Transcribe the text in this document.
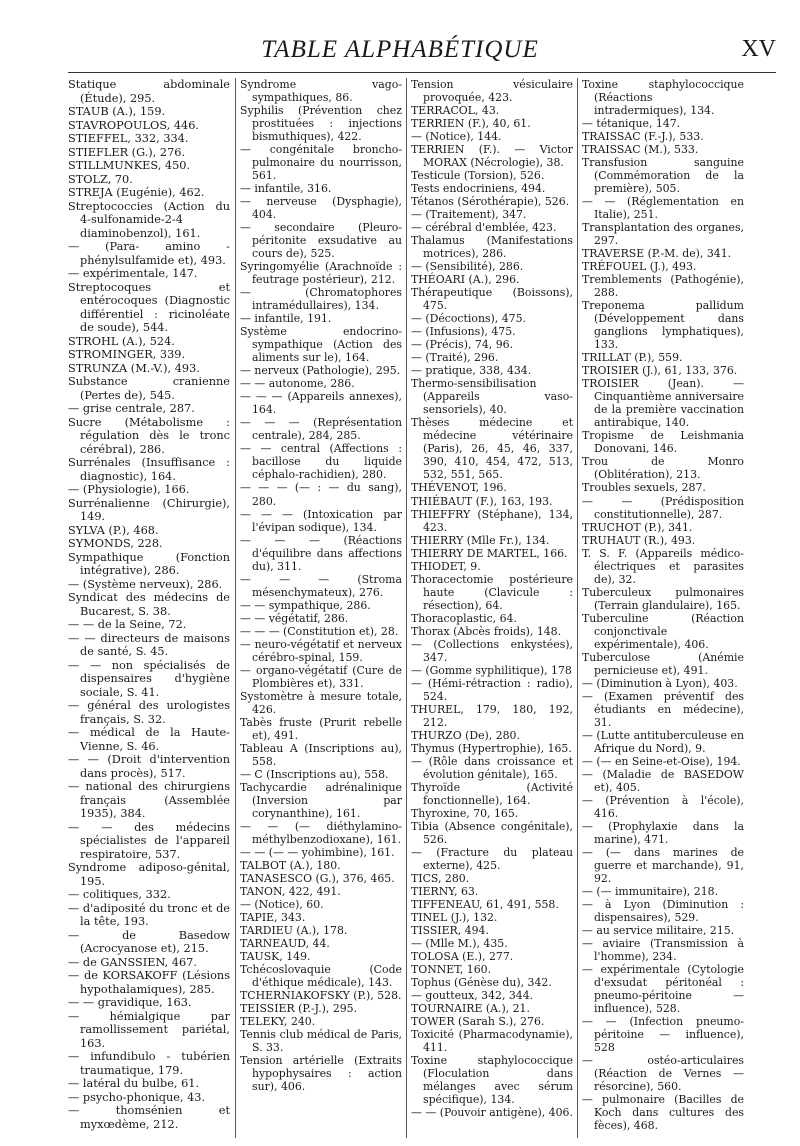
TABLE ALPHABÉTIQUE	XV

Statique abdominale (Étude), 295.

STAUB (A.), 159.

STAVROPOULOS, 446.

STIEFFEL, 332, 334.

STIEFLER (G.), 276.

STILLMUNKES, 450.

STOLZ, 70.

STREJA (Eugénie), 462.

Streptococcies (Action du 4-sulfonamide-2-4 diaminobenzol), 161.

— (Para- amino - phénylsulfamide et), 493.

— expérimentale, 147.

Streptocoques et entérocoques (Diagnostic différentiel : ricinoléate de soude), 544.

STROHL (A.), 524.

STROMINGER, 339.

STRUNZA (M.-V.), 493.

Substance cranienne (Pertes de), 545.

— grise centrale, 287.

Sucre (Métabolisme : régulation dès le tronc cérébral), 286.

Surrénales (Insuffisance : diagnostic), 164.

— (Physiologie), 166.

Surrénalienne (Chirurgie), 149.

SYLVA (P.), 468.

SYMONDS, 228.

Sympathique (Fonction intégrative), 286.

— (Système nerveux), 286.

Syndicat des médecins de Bucarest, S. 38.

— — de la Seine, 72.

— — directeurs de maisons de santé, S. 45.

— — non spécialisés de dispensaires d'hygiène sociale, S. 41.

— général des urologistes français, S. 32.

— médical de la Haute-Vienne, S. 46.

— — (Droit d'intervention dans procès), 517.

— national des chirurgiens français (Assemblée 1935), 384.

— — des médecins spécialistes de l'appareil respiratoire, 537.

Syndrome adiposo-génital, 195.

— colitiques, 332.

— d'adiposité du tronc et de la tête, 193.

— de Basedow (Acrocyanose et), 215.

— de GANSSIEN, 467.

— de KORSAKOFF (Lésions hypothalamiques), 285.

— — gravidique, 163.

— hémialgique par ramollissement pariétal, 163.

— infundibulo - tubérien traumatique, 179.

— latéral du bulbe, 61.

— psycho-phonique, 43.

— thomsénien et myxœdème, 212.

Syndrome vago-sympathiques, 86.

Syphilis (Prévention chez prostituées : injections bismuthiques), 422.

— congénitale broncho-pulmonaire du nourrisson, 561.

— infantile, 316.

— nerveuse (Dysphagie), 404.

— secondaire (Pleuro-péritonite exsudative au cours de), 525.

Syringomyélie (Arachnoïde : feutrage postérieur), 212.

— (Chromatophores intramédullaires), 134.

— infantile, 191.

Système endocrino-sympathique (Action des aliments sur le), 164.

— nerveux (Pathologie), 295.

— — autonome, 286.

— — — (Appareils annexes), 164.

— — — (Représentation centrale), 284, 285.

— — central (Affections : bacillose du liquide céphalo-rachidien), 280.

— — — (— : — du sang), 280.

— — — (Intoxication par l'évipan sodique), 134.

— — — (Réactions d'équilibre dans affections du), 311.

— — — (Stroma mésenchymateux), 276.

— — sympathique, 286.

— — végétatif, 286.

— — — (Constitution et), 28.

— neuro-végétatif et nerveux cérébro-spinal, 159.

— organo-végétatif (Cure de Plombières et), 331.

Systomètre à mesure totale, 426.

Tabès fruste (Prurit rebelle et), 491.

Tableau A (Inscriptions au), 558.

— C (Inscriptions au), 558.

Tachycardie adrénalinique (Inversion par corynanthine), 161.

— — (— diéthylamino-méthylbenzodioxane), 161.

— — (— — yohimbine), 161.

TALBOT (A.), 180.

TANASESCO (G.), 376, 465.

TANON, 422, 491.

— (Notice), 60.

TAPIE, 343.

TARDIEU (A.), 178.

TARNEAUD, 44.

TAUSK, 149.

Tchécoslovaquie (Code d'éthique médicale), 143.

TCHERNIAKOFSKY (P.), 528.

TEISSIER (P.-J.), 295.

TELEKY, 240.

Tennis club médical de Paris, S. 33.

Tension artérielle (Extraits hypophysaires : action sur), 406.

Tension vésiculaire provoquée, 423.

TERRACOL, 43.

TERRIEN (F.), 40, 61.

— (Notice), 144.

TERRIEN (F.). — Victor MORAX (Nécrologie), 38.

Testicule (Torsion), 526.

Tests endocriniens, 494.

Tétanos (Sérothérapie), 526.

— (Traitement), 347.

— cérébral d'emblée, 423.

Thalamus (Manifestations motrices), 286.

— (Sensibilité), 286.

THÉOARI (A.), 296.

Thérapeutique (Boissons), 475.

— (Décoctions), 475.

— (Infusions), 475.

— (Précis), 74, 96.

— (Traité), 296.

— pratique, 338, 434.

Thermo-sensibilisation (Appareils vaso-sensoriels), 40.

Thèses médecine et médecine vétérinaire (Paris), 26, 45, 46, 337, 390, 410, 454, 472, 513, 532, 551, 565.

THÉVENOT, 196.

THIÉBAUT (F.), 163, 193.

THIEFFRY (Stéphane), 134, 423.

THIERRY (Mlle Fr.), 134.

THIERRY DE MARTEL, 166.

THIODET, 9.

Thoracectomie postérieure haute (Clavicule : résection), 64.

Thoracoplastic, 64.

Thorax (Abcès froids), 148.

— (Collections enkystées), 347.

— (Gomme syphilitique), 178

— (Hémi-rétraction : radio), 524.

THUREL, 179, 180, 192, 212.

THURZO (De), 280.

Thymus (Hypertrophie), 165.

— (Rôle dans croissance et évolution génitale), 165.

Thyroïde (Activité fonctionnelle), 164.

Thyroxine, 70, 165.

Tibia (Absence congénitale), 526.

— (Fracture du plateau externe), 425.

TICS, 280.

TIERNY, 63.

TIFFENEAU, 61, 491, 558.

TINEL (J.), 132.

TISSIER, 494.

— (Mlle M.), 435.

TOLOSA (E.), 277.

TONNET, 160.

Tophus (Génèse du), 342.

— goutteux, 342, 344.

TOURNAIRE (A.), 21.

TOWER (Sarah S.), 276.

Toxicité (Pharmacodynamie), 411.

Toxine staphylococcique (Floculation dans mélanges avec sérum spécifique), 134.

— — (Pouvoir antigène), 406.

Toxine staphylococcique (Réactions intradermiques), 134.

— tétanique, 147.

TRAISSAC (F.-J.), 533.

TRAISSAC (M.), 533.

Transfusion sanguine (Commémoration de la première), 505.

— — (Réglementation en Italie), 251.

Transplantation des organes, 297.

TRAVERSE (P.-M. de), 341.

TRÉFOUEL (J.), 493.

Tremblements (Pathogénie), 288.

Treponema pallidum (Développement dans ganglions lymphatiques), 133.

TRILLAT (P.), 559.

TROISIER (J.), 61, 133, 376.

TROISIER (Jean). — Cinquantième anniversaire de la première vaccination antirabique, 140.

Tropisme de Leishmania Donovani, 146.

Trou de Monro (Oblitération), 213.

Troubles sexuels, 287.

— — (Prédisposition constitutionnelle), 287.

TRUCHOT (P.), 341.

TRUHAUT (R.), 493.

T. S. F. (Appareils médico-électriques et parasites de), 32.

Tuberculeux pulmonaires (Terrain glandulaire), 165.

Tuberculine (Réaction conjonctivale expérimentale), 406.

Tuberculose (Anémie pernicieuse et), 491.

— (Diminution à Lyon), 403.

— (Examen préventif des étudiants en médecine), 31.

— (Lutte antituberculeuse en Afrique du Nord), 9.

— (— en Seine-et-Oise), 194.

— (Maladie de BASEDOW et), 405.

— (Prévention à l'école), 416.

— (Prophylaxie dans la marine), 471.

— (— dans marines de guerre et marchande), 91, 92.

— (— immunitaire), 218.

— à Lyon (Diminution : dispensaires), 529.

— au service militaire, 215.

— aviaire (Transmission à l'homme), 234.

— expérimentale (Cytologie d'exsudat péritonéal : pneumo-péritoine — influence), 528.

— — (Infection pneumo-péritoine — influence), 528

— ostéo-articulaires (Réaction de Vernes — résorcine), 560.

— pulmonaire (Bacilles de Koch dans cultures des fèces), 468.
